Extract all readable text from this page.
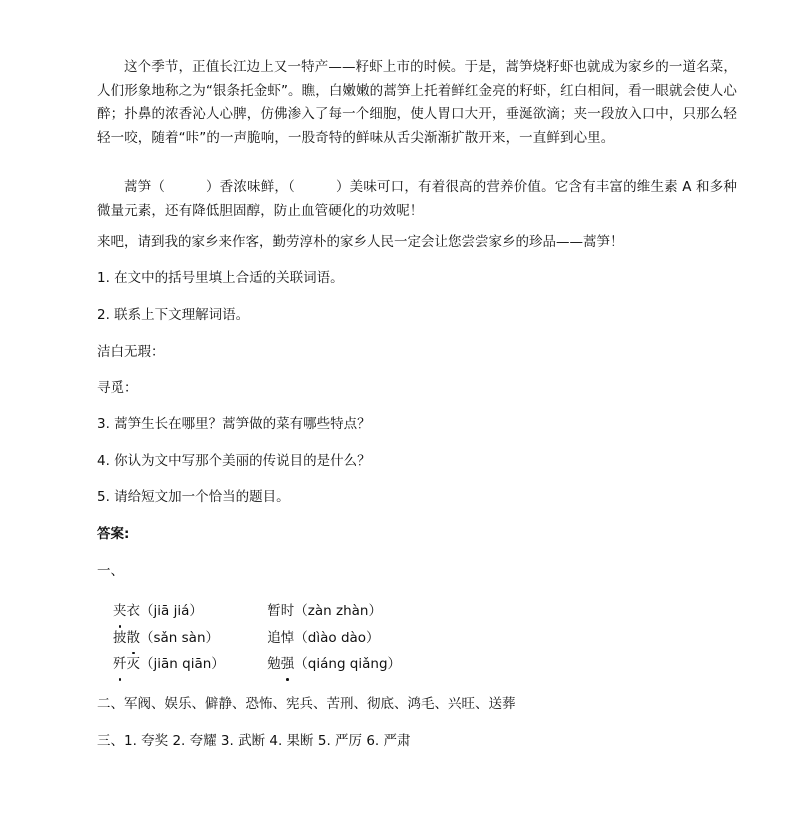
这个季节，正值长江边上又一特产——籽虾上市的时候。于是，蒿笋烧籽虾也就成为家乡的一道名菜，人们形象地称之为“银条托金虾”。瞧，白嫩嫩的蒿笋上托着鲜红金亮的籽虾，红白相间，看一眼就会使人心醉；扑鼻的浓香沁人心脾，仿佛渗入了每一个细胞，使人胃口大开，垂涎欲滴；夹一段放入口中，只那么轻轻一咬，随着“咔”的一声脆响，一股奇特的鲜味从舌尖渐渐扩散开来，一直鲜到心里。

蒿笋（　　　）香浓味鲜，（　　　）美味可口，有着很高的营养价值。它含有丰富的维生素 A 和多种微量元素，还有降低胆固醇，防止血管硬化的功效呢！

来吧，请到我的家乡来作客，勤劳淳朴的家乡人民一定会让您尝尝家乡的珍品——蒿笋！
1. 在文中的括号里填上合适的关联词语。
2. 联系上下文理解词语。
洁白无瑕：
寻觅：
3. 蒿笋生长在哪里？蒿笋做的菜有哪些特点？
4. 你认为文中写那个美丽的传说目的是什么？
5. 请给短文加一个恰当的题目。
答案:
一、
夹衣（jiā jiá）	暂时（zàn zhàn）
披散（sǎn sàn）	追悼（dìào dào）
歼灭（jiān qiān）	勉强（qiáng qiǎng）
二、军阀、娱乐、僻静、恐怖、宪兵、苦刑、彻底、鸿毛、兴旺、送葬
三、1. 夸奖 2. 夸耀 3. 武断 4. 果断 5. 严厉 6. 严肃
